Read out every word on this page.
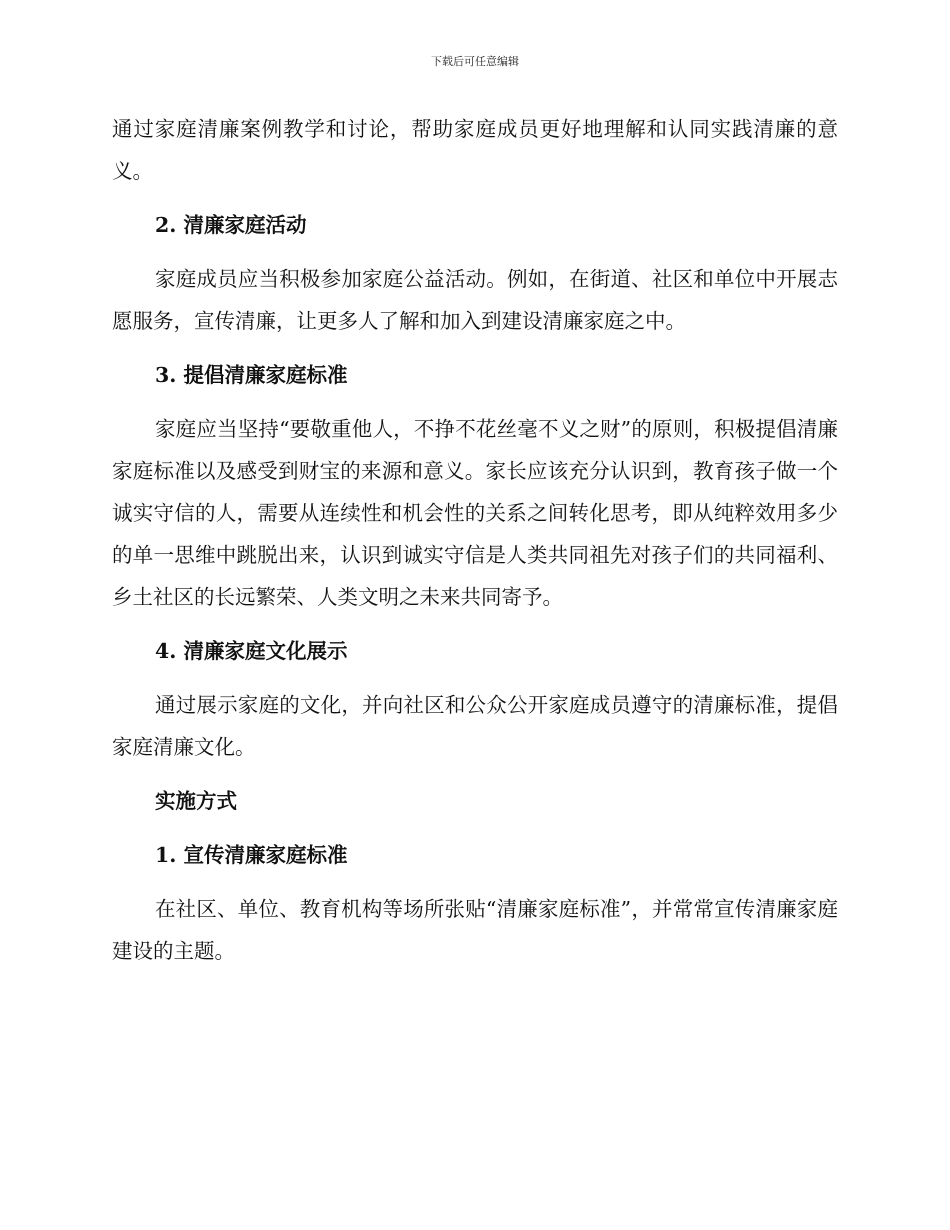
下载后可任意编辑

通过家庭清廉案例教学和讨论，帮助家庭成员更好地理解和认同实践清廉的意义。

2. 清廉家庭活动

家庭成员应当积极参加家庭公益活动。例如，在街道、社区和单位中开展志愿服务，宣传清廉，让更多人了解和加入到建设清廉家庭之中。

3. 提倡清廉家庭标准

家庭应当坚持“要敬重他人，不挣不花丝毫不义之财”的原则，积极提倡清廉家庭标准以及感受到财宝的来源和意义。家长应该充分认识到，教育孩子做一个诚实守信的人，需要从连续性和机会性的关系之间转化思考，即从纯粹效用多少的单一思维中跳脱出来，认识到诚实守信是人类共同祖先对孩子们的共同福利、乡土社区的长远繁荣、人类文明之未来共同寄予。

4. 清廉家庭文化展示

通过展示家庭的文化，并向社区和公众公开家庭成员遵守的清廉标准，提倡家庭清廉文化。

实施方式

1. 宣传清廉家庭标准

在社区、单位、教育机构等场所张贴“清廉家庭标准”，并常常宣传清廉家庭建设的主题。
